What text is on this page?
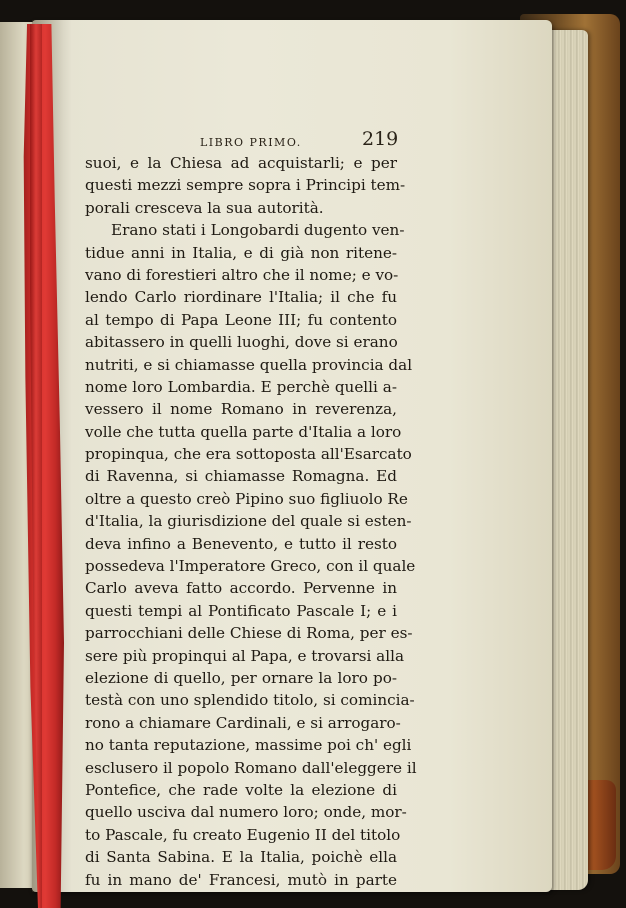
LIBRO PRIMO.	219
suoi, e la Chiesa ad acquistarli; e per
questi mezzi sempre sopra i Principi tem-
porali cresceva la sua autorità.
Erano stati i Longobardi dugento ven-
tidue anni in Italia, e di già non ritene-
vano di forestieri altro che il nome; e vo-
lendo Carlo riordinare l'Italia; il che fu
al tempo di Papa Leone III; fu contento
abitassero in quelli luoghi, dove si erano
nutriti, e si chiamasse quella provincia dal
nome loro Lombardia. E perchè quelli a-
vessero il nome Romano in reverenza,
volle che tutta quella parte d'Italia a loro
propinqua, che era sottoposta all'Esarcato
di Ravenna, si chiamasse Romagna. Ed
oltre a questo creò Pipino suo figliuolo Re
d'Italia, la giurisdizione del quale si esten-
deva infino a Benevento, e tutto il resto
possedeva l'Imperatore Greco, con il quale
Carlo aveva fatto accordo. Pervenne in
questi tempi al Pontificato Pascale I; e i
parrocchiani delle Chiese di Roma, per es-
sere più propinqui al Papa, e trovarsi alla
elezione di quello, per ornare la loro po-
testà con uno splendido titolo, si comincia-
rono a chiamare Cardinali, e si arrogaro-
no tanta reputazione, massime poi ch' egli
esclusero il popolo Romano dall'eleggere il
Pontefice, che rade volte la elezione di
quello usciva dal numero loro; onde, mor-
to Pascale, fu creato Eugenio II del titolo
di Santa Sabina. E la Italia, poichè ella
fu in mano de' Francesi, mutò in parte
